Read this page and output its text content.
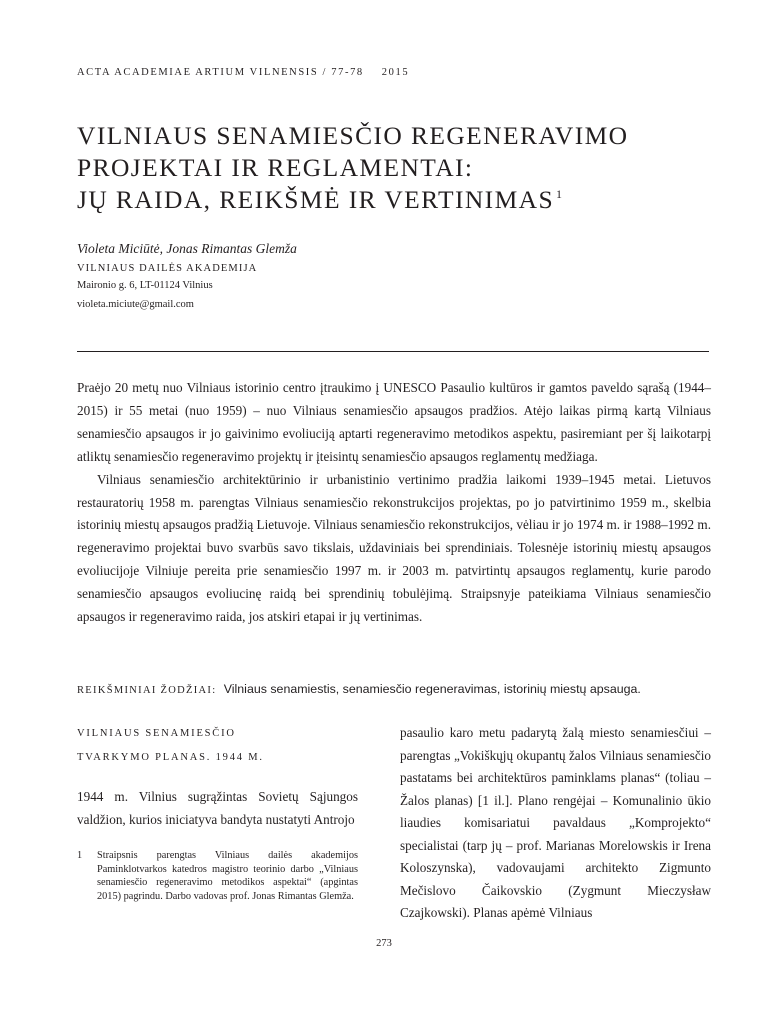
ACTA ACADEMIAE ARTIUM VILNENSIS / 77-78 2015
VILNIAUS SENAMIESČIO REGENERAVIMO
PROJEKTAI IR REGLAMENTAI:
JŲ RAIDA, REIKŠMĖ IR VERTINIMAS $^1$
Violeta Miciūtė, Jonas Rimantas Glemža
VILNIAUS DAILĖS AKADEMIJA
Maironio g. 6, LT-01124 Vilnius
violeta.miciute@gmail.com

Praėjo 20 metų nuo Vilniaus istorinio centro įtraukimo į UNESCO Pasaulio kultūros ir gamtos paveldo sąrašą (1944–2015) ir 55 metai (nuo 1959) – nuo Vilniaus senamiesčio apsaugos pradžios. Atėjo laikas pirmą kartą Vilniaus senamiesčio apsaugos ir jo gaivinimo evoliuciją aptarti regeneravimo metodikos aspektu, pasiremiant per šį laikotarpį atliktų senamiesčio regeneravimo projektų ir įteisintų senamiesčio apsaugos reglamentų medžiaga.

Vilniaus senamiesčio architektūrinio ir urbanistinio vertinimo pradžia laikomi 1939–1945 metai. Lietuvos restauratorių 1958 m. parengtas Vilniaus senamiesčio rekonstrukcijos projektas, po jo patvirtinimo 1959 m., skelbia istorinių miestų apsaugos pradžią Lietuvoje. Vilniaus senamiesčio rekonstrukcijos, vėliau ir jo 1974 m. ir 1988–1992 m. regeneravimo projektai buvo svarbūs savo tikslais, uždaviniais bei sprendiniais. Tolesnėje istorinių miestų apsaugos evoliucijoje Vilniuje pereita prie senamiesčio 1997 m. ir 2003 m. patvirtintų apsaugos reglamentų, kurie parodo senamiesčio apsaugos evoliucinę raidą bei sprendinių tobulėjimą. Straipsnyje pateikiama Vilniaus senamiesčio apsaugos ir regeneravimo raida, jos atskiri etapai ir jų vertinimas.

REIKŠMINIAI ŽODŽIAI: Vilniaus senamiestis, senamiesčio regeneravimas, istorinių miestų apsauga.
VILNIAUS SENAMIESČIO
TVARKYMO PLANAS. 1944 M.

1944 m. Vilnius sugrąžintas Sovietų Sąjungos valdžion, kurios iniciatyva bandyta nustatyti Antrojo

1 Straipsnis parengtas Vilniaus dailės akademijos Paminklotvarkos katedros magistro teorinio darbo „Vilniaus senamiesčio regeneravimo metodikos aspektai“ (apgintas 2015) pagrindu. Darbo vadovas prof. Jonas Rimantas Glemža.

pasaulio karo metu padarytą žalą miesto senamiesčiui – parengtas „Vokiškųjų okupantų žalos Vilniaus senamiesčio pastatams bei architektūros paminklams planas“ (toliau – Žalos planas) [1 il.]. Plano rengėjai – Komunalinio ūkio liaudies komisariatui pavaldaus „Komprojekto“ specialistai (tarp jų – prof. Marianas Morelowskis ir Irena Koloszynska), vadovaujami architekto Zigmunto Mečislovo Čaikovskio (Zygmunt Mieczysław Czajkowski). Planas apėmė Vilniaus

273
